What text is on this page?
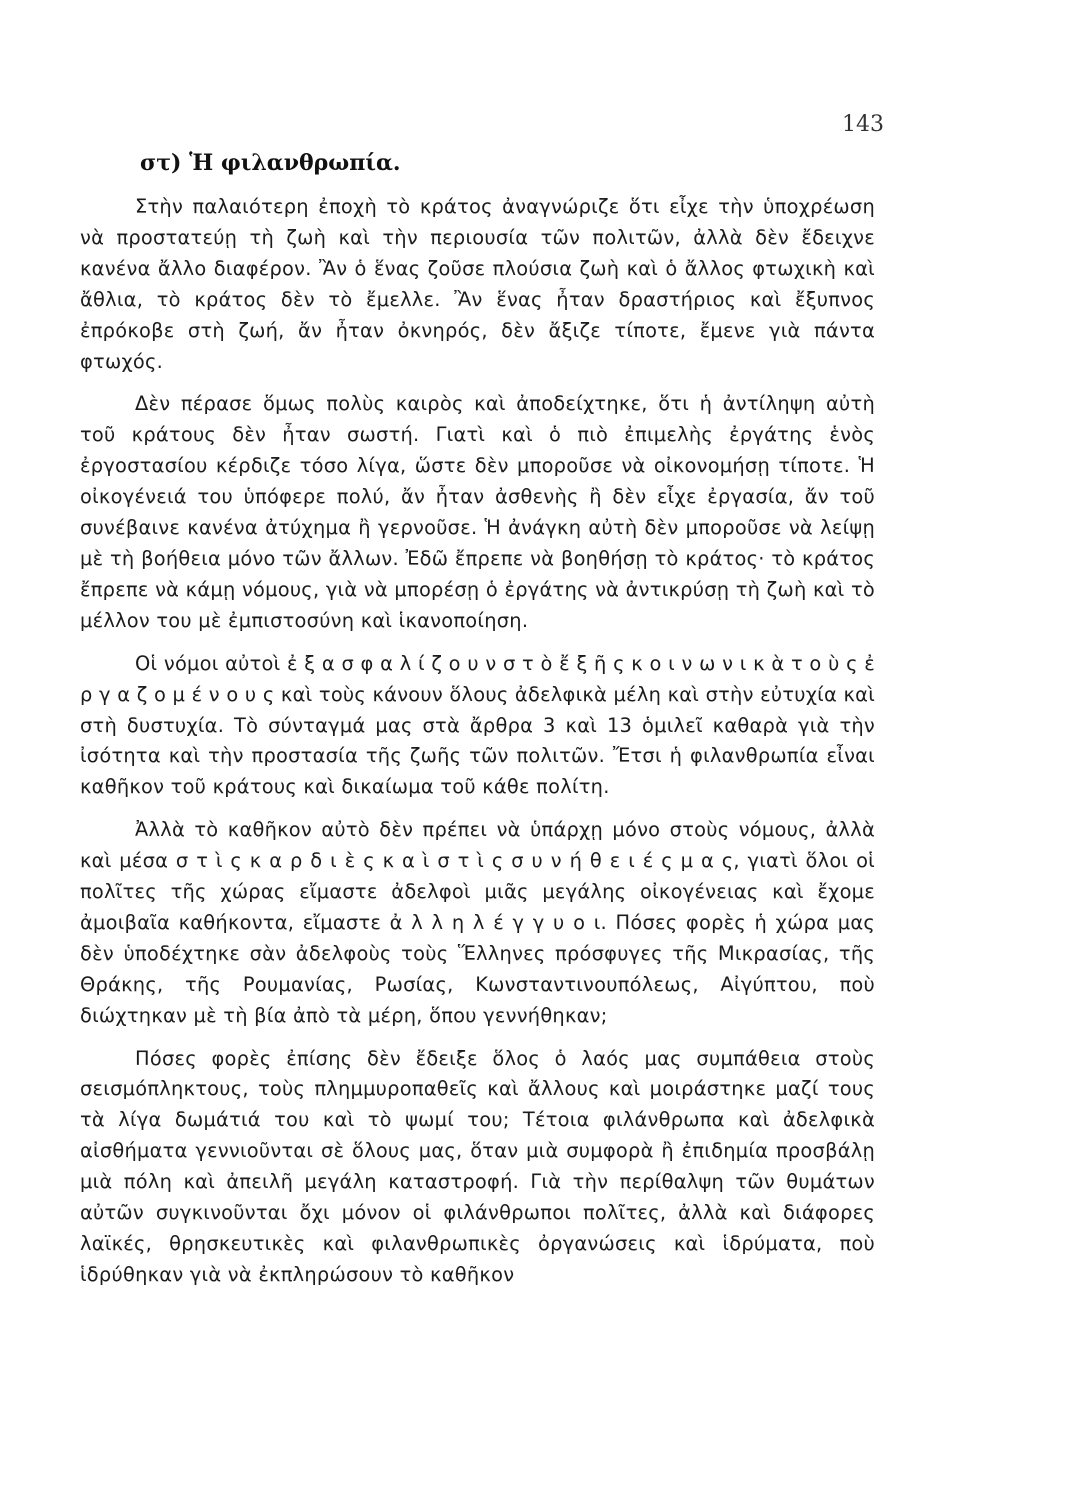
143
στ) Ἡ φιλανθρωπία.

Στὴν παλαιότερη ἐποχὴ τὸ κράτος ἀναγνώριζε ὅτι εἶχε τὴν ὑποχρέωση νὰ προστατεύῃ τὴ ζωὴ καὶ τὴν περιουσία τῶν πολιτῶν, ἀλλὰ δὲν ἔδειχνε κανένα ἄλλο διαφέρον. Ἂν ὁ ἕνας ζοῦσε πλούσια ζωὴ καὶ ὁ ἄλλος φτωχικὴ καὶ ἄθλια, τὸ κράτος δὲν τὸ ἔμελλε. Ἂν ἕνας ἦταν δραστήριος καὶ ἔξυπνος ἐπρόκοβε στὴ ζωή, ἄν ἦταν ὀκνηρός, δὲν ἄξιζε τίποτε, ἔμενε γιὰ πάντα φτωχός.

Δὲν πέρασε ὅμως πολὺς καιρὸς καὶ ἀποδείχτηκε, ὅτι ἡ ἀντίληψη αὐτὴ τοῦ κράτους δὲν ἦταν σωστή. Γιατὶ καὶ ὁ πιὸ ἐπιμελὴς ἐργάτης ἑνὸς ἐργοστασίου κέρδιζε τόσο λίγα, ὥστε δὲν μποροῦσε νὰ οἰκονομήσῃ τίποτε. Ἡ οἰκογένειά του ὑπόφερε πολύ, ἄν ἦταν ἀσθενὴς ἢ δὲν εἶχε ἐργασία, ἄν τοῦ συνέβαινε κανένα ἀτύχημα ἢ γερνοῦσε. Ἡ ἀνάγκη αὐτὴ δὲν μποροῦσε νὰ λείψῃ μὲ τὴ βοήθεια μόνο τῶν ἄλλων. Ἐδῶ ἔπρεπε νὰ βοηθήσῃ τὸ κράτος· τὸ κράτος ἔπρεπε νὰ κάμῃ νόμους, γιὰ νὰ μπορέσῃ ὁ ἐργάτης νὰ ἀντικρύσῃ τὴ ζωὴ καὶ τὸ μέλλον του μὲ ἐμπιστοσύνη καὶ ἱκανοποίηση.

Οἱ νόμοι αὐτοὶ ἐ ξ α σ φ α λ ί ζ ο υ ν σ τ ὸ ἔ ξ ῆ ς κ ο ι ν ω ν ι κ ὰ τ ο ὺ ς ἐ ρ γ α ζ ο μ έ ν ο υ ς καὶ τοὺς κάνουν ὅλους ἀδελφικὰ μέλη καὶ στὴν εὐτυχία καὶ στὴ δυστυχία. Τὸ σύνταγμά μας στὰ ἄρθρα 3 καὶ 13 ὁμιλεῖ καθαρὰ γιὰ τὴν ἰσότητα καὶ τὴν προστασία τῆς ζωῆς τῶν πολιτῶν. Ἔτσι ἡ φιλανθρωπία εἶναι καθῆκον τοῦ κράτους καὶ δικαίωμα τοῦ κάθε πολίτη.

Ἀλλὰ τὸ καθῆκον αὐτὸ δὲν πρέπει νὰ ὑπάρχῃ μόνο στοὺς νόμους, ἀλλὰ καὶ μέσα σ τ ὶ ς κ α ρ δ ι ὲ ς κ α ὶ σ τ ὶ ς σ υ ν ή θ ε ι έ ς μ α ς, γιατὶ ὅλοι οἱ πολῖτες τῆς χώρας εἴμαστε ἀδελφοὶ μιᾶς μεγάλης οἰκογένειας καὶ ἔχομε ἀμοιβαῖα καθήκοντα, εἴμαστε ἀ λ λ η λ έ γ γ υ ο ι. Πόσες φορὲς ἡ χώρα μας δὲν ὑποδέχτηκε σὰν ἀδελφοὺς τοὺς Ἕλληνες πρόσφυγες τῆς Μικρασίας, τῆς Θράκης, τῆς Ρουμανίας, Ρωσίας, Κωνσταντινουπόλεως, Αἰγύπτου, ποὺ διώχτηκαν μὲ τὴ βία ἀπὸ τὰ μέρη, ὅπου γεννήθηκαν;

Πόσες φορὲς ἐπίσης δὲν ἔδειξε ὅλος ὁ λαός μας συμπάθεια στοὺς σεισμόπληκτους, τοὺς πλημμυροπαθεῖς καὶ ἄλλους καὶ μοιράστηκε μαζί τους τὰ λίγα δωμάτιά του καὶ τὸ ψωμί του; Τέτοια φιλάνθρωπα καὶ ἀδελφικὰ αἰσθήματα γεννιοῦνται σὲ ὅλους μας, ὅταν μιὰ συμφορὰ ἢ ἐπιδημία προσβάλῃ μιὰ πόλη καὶ ἀπειλῆ μεγάλη καταστροφή. Γιὰ τὴν περίθαλψη τῶν θυμάτων αὐτῶν συγκινοῦνται ὄχι μόνον οἱ φιλάνθρωποι πολῖτες, ἀλλὰ καὶ διάφορες λαϊκές, θρησκευτικὲς καὶ φιλανθρωπικὲς ὀργανώσεις καὶ ἱδρύματα, ποὺ ἱδρύθηκαν γιὰ νὰ ἐκπληρώσουν τὸ καθῆκον
